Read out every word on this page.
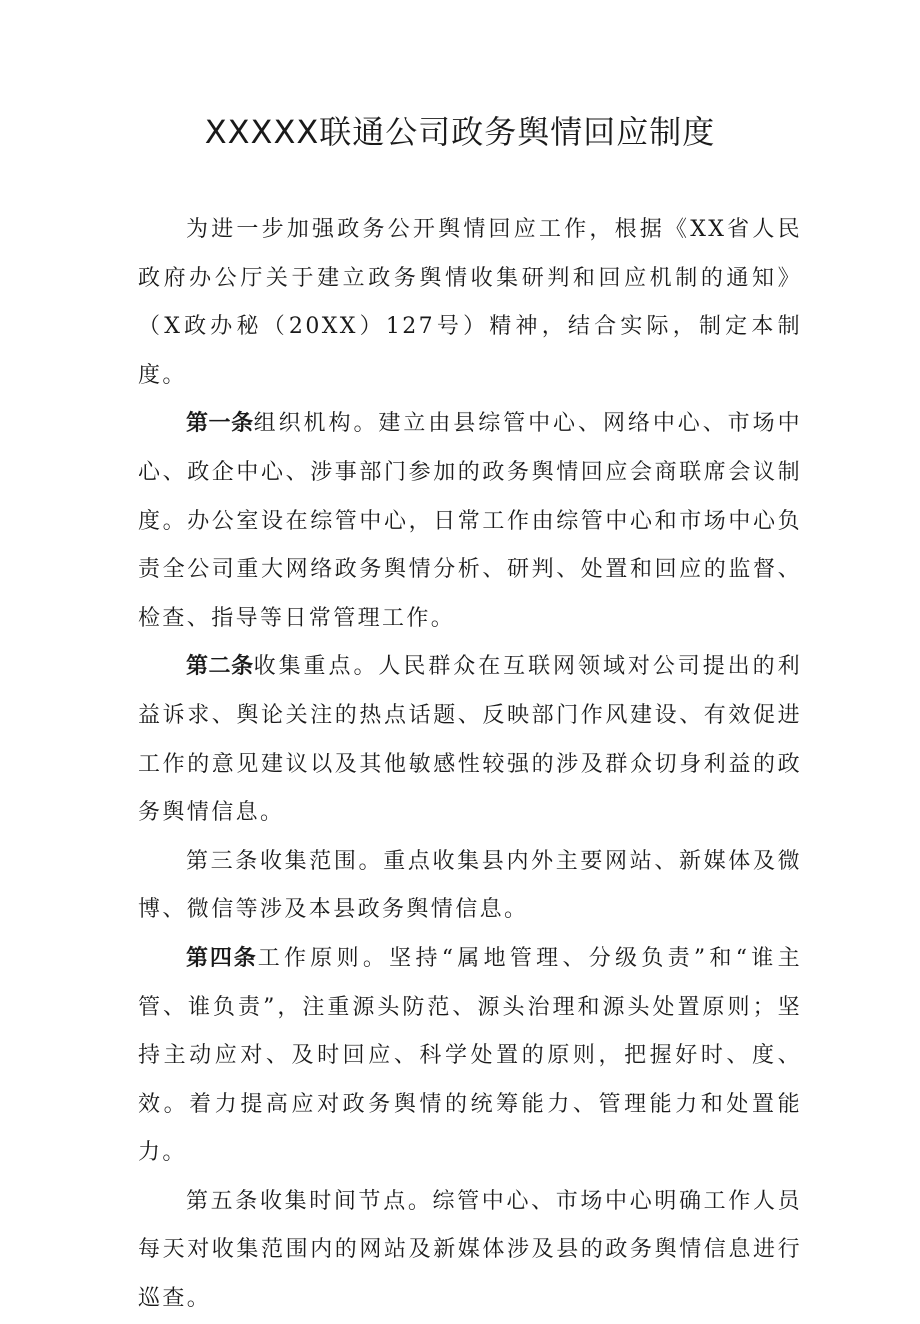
XXXXX联通公司政务舆情回应制度

为进一步加强政务公开舆情回应工作，根据《XX省人民政府办公厅关于建立政务舆情收集研判和回应机制的通知》（X政办秘（20XX）127号）精神，结合实际，制定本制度。

第一条组织机构。建立由县综管中心、网络中心、市场中心、政企中心、涉事部门参加的政务舆情回应会商联席会议制度。办公室设在综管中心，日常工作由综管中心和市场中心负责全公司重大网络政务舆情分析、研判、处置和回应的监督、检查、指导等日常管理工作。

第二条收集重点。人民群众在互联网领域对公司提出的利益诉求、舆论关注的热点话题、反映部门作风建设、有效促进工作的意见建议以及其他敏感性较强的涉及群众切身利益的政务舆情信息。

第三条收集范围。重点收集县内外主要网站、新媒体及微博、微信等涉及本县政务舆情信息。

第四条工作原则。坚持“属地管理、分级负责”和“谁主管、谁负责”，注重源头防范、源头治理和源头处置原则；坚持主动应对、及时回应、科学处置的原则，把握好时、度、效。着力提高应对政务舆情的统筹能力、管理能力和处置能力。

第五条收集时间节点。综管中心、市场中心明确工作人员每天对收集范围内的网站及新媒体涉及县的政务舆情信息进行巡查。
